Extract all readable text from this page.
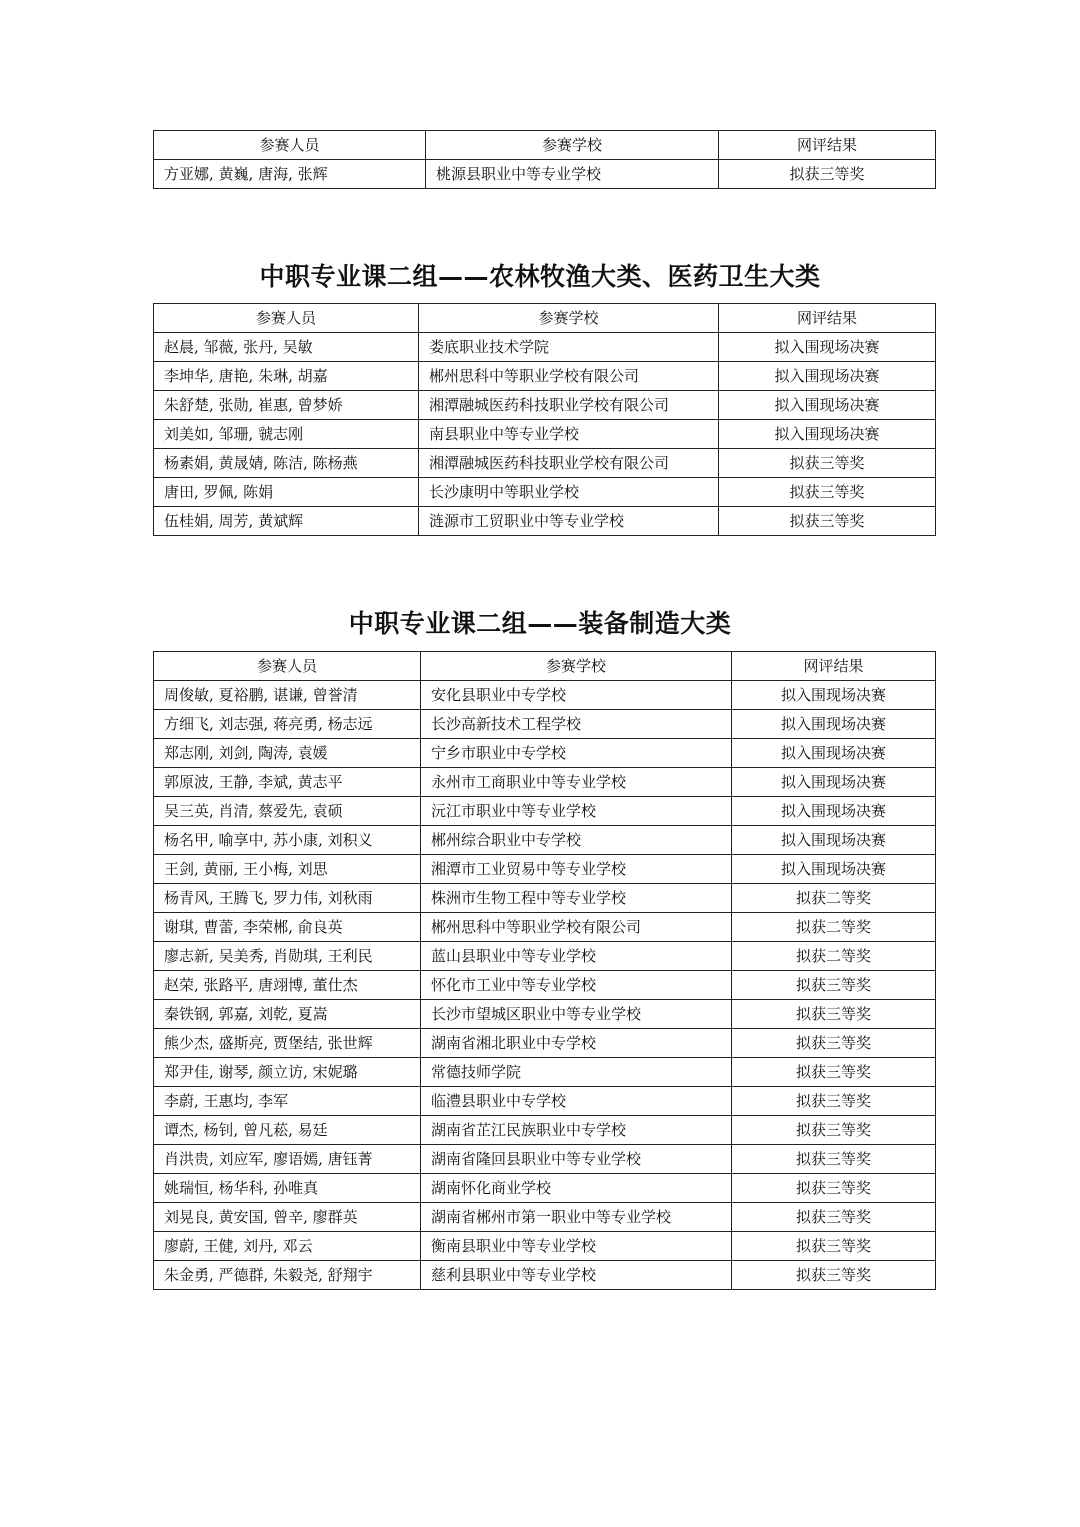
参赛人员	参赛学校	网评结果
方亚娜, 黄巍, 唐海, 张辉	桃源县职业中等专业学校	拟获三等奖
中职专业课二组——农林牧渔大类、医药卫生大类
参赛人员	参赛学校	网评结果
赵晨, 邹薇, 张丹, 吴敏	娄底职业技术学院	拟入围现场决赛
李坤华, 唐艳, 朱琳, 胡嘉	郴州思科中等职业学校有限公司	拟入围现场决赛
朱舒楚, 张勋, 崔惠, 曾梦娇	湘潭融城医药科技职业学校有限公司	拟入围现场决赛
刘美如, 邹珊, 虢志刚	南县职业中等专业学校	拟入围现场决赛
杨素娟, 黄晟婧, 陈洁, 陈杨燕	湘潭融城医药科技职业学校有限公司	拟获三等奖
唐田, 罗佩, 陈娟	长沙康明中等职业学校	拟获三等奖
伍桂娟, 周芳, 黄斌辉	涟源市工贸职业中等专业学校	拟获三等奖
中职专业课二组——装备制造大类
参赛人员	参赛学校	网评结果
周俊敏, 夏裕鹏, 谌谦, 曾誉清	安化县职业中专学校	拟入围现场决赛
方细飞, 刘志强, 蒋亮勇, 杨志远	长沙高新技术工程学校	拟入围现场决赛
郑志刚, 刘剑, 陶涛, 袁媛	宁乡市职业中专学校	拟入围现场决赛
郭原波, 王静, 李斌, 黄志平	永州市工商职业中等专业学校	拟入围现场决赛
吴三英, 肖清, 蔡爱先, 袁硕	沅江市职业中等专业学校	拟入围现场决赛
杨名甲, 喻享中, 苏小康, 刘积义	郴州综合职业中专学校	拟入围现场决赛
王剑, 黄丽, 王小梅, 刘思	湘潭市工业贸易中等专业学校	拟入围现场决赛
杨青风, 王腾飞, 罗力伟, 刘秋雨	株洲市生物工程中等专业学校	拟获二等奖
谢琪, 曹蕾, 李荣郴, 俞良英	郴州思科中等职业学校有限公司	拟获二等奖
廖志新, 吴美秀, 肖勋琪, 王利民	蓝山县职业中等专业学校	拟获二等奖
赵荣, 张路平, 唐翊博, 董仕杰	怀化市工业中等专业学校	拟获三等奖
秦铁钢, 郭嘉, 刘乾, 夏嵩	长沙市望城区职业中等专业学校	拟获三等奖
熊少杰, 盛斯亮, 贾堡结, 张世辉	湖南省湘北职业中专学校	拟获三等奖
郑尹佳, 谢琴, 颜立访, 宋妮璐	常德技师学院	拟获三等奖
李蔚, 王惠均, 李军	临澧县职业中专学校	拟获三等奖
谭杰, 杨钊, 曾凡菘, 易廷	湖南省芷江民族职业中专学校	拟获三等奖
肖洪贵, 刘应军, 廖语嫣, 唐钰菁	湖南省隆回县职业中等专业学校	拟获三等奖
姚瑞恒, 杨华科, 孙唯真	湖南怀化商业学校	拟获三等奖
刘晃良, 黄安国, 曾辛, 廖群英	湖南省郴州市第一职业中等专业学校	拟获三等奖
廖蔚, 王健, 刘丹, 邓云	衡南县职业中等专业学校	拟获三等奖
朱金勇, 严德群, 朱毅尧, 舒翔宇	慈利县职业中等专业学校	拟获三等奖
